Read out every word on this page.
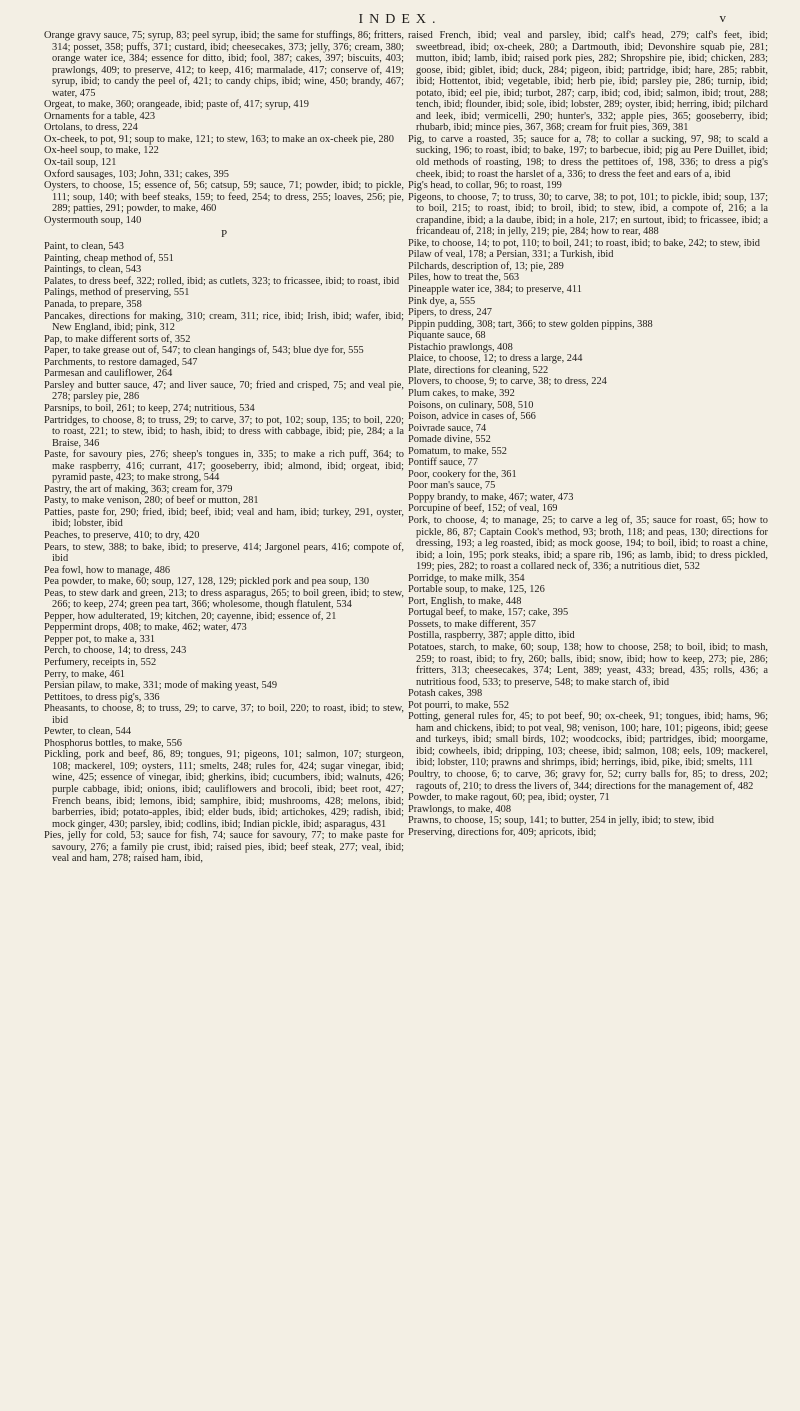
INDEX.	v

Orange gravy sauce, 75; syrup, 83; peel syrup, ibid; the same for stuffings, 86; fritters, 314; posset, 358; puffs, 371; custard, ibid; cheesecakes, 373; jelly, 376; cream, 380; orange water ice, 384; essence for ditto, ibid; fool, 387; cakes, 397; biscuits, 403; prawlongs, 409; to preserve, 412; to keep, 416; marmalade, 417; conserve of, 419; syrup, ibid; to candy the peel of, 421; to candy chips, ibid; wine, 450; brandy, 467; water, 475

Orgeat, to make, 360; orangeade, ibid; paste of, 417; syrup, 419

Ornaments for a table, 423

Ortolans, to dress, 224

Ox-cheek, to pot, 91; soup to make, 121; to stew, 163; to make an ox-cheek pie, 280

Ox-heel soup, to make, 122

Ox-tail soup, 121

Oxford sausages, 103; John, 331; cakes, 395

Oysters, to choose, 15; essence of, 56; catsup, 59; sauce, 71; powder, ibid; to pickle, 111; soup, 140; with beef steaks, 159; to feed, 254; to dress, 255; loaves, 256; pie, 289; patties, 291; powder, to make, 460

Oystermouth soup, 140

P

Paint, to clean, 543

Painting, cheap method of, 551

Paintings, to clean, 543

Palates, to dress beef, 322; rolled, ibid; as cutlets, 323; to fricassee, ibid; to roast, ibid

Palings, method of preserving, 551

Panada, to prepare, 358

Pancakes, directions for making, 310; cream, 311; rice, ibid; Irish, ibid; wafer, ibid; New England, ibid; pink, 312

Pap, to make different sorts of, 352

Paper, to take grease out of, 547; to clean hangings of, 543; blue dye for, 555

Parchments, to restore damaged, 547

Parmesan and cauliflower, 264

Parsley and butter sauce, 47; and liver sauce, 70; fried and crisped, 75; and veal pie, 278; parsley pie, 286

Parsnips, to boil, 261; to keep, 274; nutritious, 534

Partridges, to choose, 8; to truss, 29; to carve, 37; to pot, 102; soup, 135; to boil, 220; to roast, 221; to stew, ibid; to hash, ibid; to dress with cabbage, ibid; pie, 284; a la Braise, 346

Paste, for savoury pies, 276; sheep's tongues in, 335; to make a rich puff, 364; to make raspberry, 416; currant, 417; gooseberry, ibid; almond, ibid; orgeat, ibid; pyramid paste, 423; to make strong, 544

Pastry, the art of making, 363; cream for, 379

Pasty, to make venison, 280; of beef or mutton, 281

Patties, paste for, 290; fried, ibid; beef, ibid; veal and ham, ibid; turkey, 291, oyster, ibid; lobster, ibid

Peaches, to preserve, 410; to dry, 420

Pears, to stew, 388; to bake, ibid; to preserve, 414; Jargonel pears, 416; compote of, ibid

Pea fowl, how to manage, 486

Pea powder, to make, 60; soup, 127, 128, 129; pickled pork and pea soup, 130

Peas, to stew dark and green, 213; to dress asparagus, 265; to boil green, ibid; to stew, 266; to keep, 274; green pea tart, 366; wholesome, though flatulent, 534

Pepper, how adulterated, 19; kitchen, 20; cayenne, ibid; essence of, 21

Peppermint drops, 408; to make, 462; water, 473

Pepper pot, to make a, 331

Perch, to choose, 14; to dress, 243

Perfumery, receipts in, 552

Perry, to make, 461

Persian pilaw, to make, 331; mode of making yeast, 549

Pettitoes, to dress pig's, 336

Pheasants, to choose, 8; to truss, 29; to carve, 37; to boil, 220; to roast, ibid; to stew, ibid

Pewter, to clean, 544

Phosphorus bottles, to make, 556

Pickling, pork and beef, 86, 89; tongues, 91; pigeons, 101; salmon, 107; sturgeon, 108; mackerel, 109; oysters, 111; smelts, 248; rules for, 424; sugar vinegar, ibid; wine, 425; essence of vinegar, ibid; gherkins, ibid; cucumbers, ibid; walnuts, 426; purple cabbage, ibid; onions, ibid; cauliflowers and brocoli, ibid; beet root, 427; French beans, ibid; lemons, ibid; samphire, ibid; mushrooms, 428; melons, ibid; barberries, ibid; potato-apples, ibid; elder buds, ibid; artichokes, 429; radish, ibid; mock ginger, 430; parsley, ibid; codlins, ibid; Indian pickle, ibid; asparagus, 431

Pies, jelly for cold, 53; sauce for fish, 74; sauce for savoury, 77; to make paste for savoury, 276; a family pie crust, ibid; raised pies, ibid; beef steak, 277; veal, ibid; veal and ham, 278; raised ham, ibid,

raised French, ibid; veal and parsley, ibid; calf's head, 279; calf's feet, ibid; sweetbread, ibid; ox-cheek, 280; a Dartmouth, ibid; Devonshire squab pie, 281; mutton, ibid; lamb, ibid; raised pork pies, 282; Shropshire pie, ibid; chicken, 283; goose, ibid; giblet, ibid; duck, 284; pigeon, ibid; partridge, ibid; hare, 285; rabbit, ibid; Hottentot, ibid; vegetable, ibid; herb pie, ibid; parsley pie, 286; turnip, ibid; potato, ibid; eel pie, ibid; turbot, 287; carp, ibid; cod, ibid; salmon, ibid; trout, 288; tench, ibid; flounder, ibid; sole, ibid; lobster, 289; oyster, ibid; herring, ibid; pilchard and leek, ibid; vermicelli, 290; hunter's, 332; apple pies, 365; gooseberry, ibid; rhubarb, ibid; mince pies, 367, 368; cream for fruit pies, 369, 381

Pig, to carve a roasted, 35; sauce for a, 78; to collar a sucking, 97, 98; to scald a sucking, 196; to roast, ibid; to bake, 197; to barbecue, ibid; pig au Pere Duillet, ibid; old methods of roasting, 198; to dress the pettitoes of, 198, 336; to dress a pig's cheek, ibid; to roast the harslet of a, 336; to dress the feet and ears of a, ibid

Pig's head, to collar, 96; to roast, 199

Pigeons, to choose, 7; to truss, 30; to carve, 38; to pot, 101; to pickle, ibid; soup, 137; to boil, 215; to roast, ibid; to broil, ibid; to stew, ibid, a compote of, 216; a la crapandine, ibid; a la daube, ibid; in a hole, 217; en surtout, ibid; to fricassee, ibid; a fricandeau of, 218; in jelly, 219; pie, 284; how to rear, 488

Pike, to choose, 14; to pot, 110; to boil, 241; to roast, ibid; to bake, 242; to stew, ibid

Pilaw of veal, 178; a Persian, 331; a Turkish, ibid

Pilchards, description of, 13; pie, 289

Piles, how to treat the, 563

Pineapple water ice, 384; to preserve, 411

Pink dye, a, 555

Pipers, to dress, 247

Pippin pudding, 308; tart, 366; to stew golden pippins, 388

Piquante sauce, 68

Pistachio prawlongs, 408

Plaice, to choose, 12; to dress a large, 244

Plate, directions for cleaning, 522

Plovers, to choose, 9; to carve, 38; to dress, 224

Plum cakes, to make, 392

Poisons, on culinary, 508, 510

Poison, advice in cases of, 566

Poivrade sauce, 74

Pomade divine, 552

Pomatum, to make, 552

Pontiff sauce, 77

Poor, cookery for the, 361

Poor man's sauce, 75

Poppy brandy, to make, 467; water, 473

Porcupine of beef, 152; of veal, 169

Pork, to choose, 4; to manage, 25; to carve a leg of, 35; sauce for roast, 65; how to pickle, 86, 87; Captain Cook's method, 93; broth, 118; and peas, 130; directions for dressing, 193; a leg roasted, ibid; as mock goose, 194; to boil, ibid; to roast a chine, ibid; a loin, 195; pork steaks, ibid; a spare rib, 196; as lamb, ibid; to dress pickled, 199; pies, 282; to roast a collared neck of, 336; a nutritious diet, 532

Porridge, to make milk, 354

Portable soup, to make, 125, 126

Port, English, to make, 448

Portugal beef, to make, 157; cake, 395

Possets, to make different, 357

Postilla, raspberry, 387; apple ditto, ibid

Potatoes, starch, to make, 60; soup, 138; how to choose, 258; to boil, ibid; to mash, 259; to roast, ibid; to fry, 260; balls, ibid; snow, ibid; how to keep, 273; pie, 286; fritters, 313; cheesecakes, 374; Lent, 389; yeast, 433; bread, 435; rolls, 436; a nutritious food, 533; to preserve, 548; to make starch of, ibid

Potash cakes, 398

Pot pourri, to make, 552

Potting, general rules for, 45; to pot beef, 90; ox-cheek, 91; tongues, ibid; hams, 96; ham and chickens, ibid; to pot veal, 98; venison, 100; hare, 101; pigeons, ibid; geese and turkeys, ibid; small birds, 102; woodcocks, ibid; partridges, ibid; moorgame, ibid; cowheels, ibid; dripping, 103; cheese, ibid; salmon, 108; eels, 109; mackerel, ibid; lobster, 110; prawns and shrimps, ibid; herrings, ibid, pike, ibid; smelts, 111

Poultry, to choose, 6; to carve, 36; gravy for, 52; curry balls for, 85; to dress, 202; ragouts of, 210; to dress the livers of, 344; directions for the management of, 482

Powder, to make ragout, 60; pea, ibid; oyster, 71

Prawlongs, to make, 408

Prawns, to choose, 15; soup, 141; to butter, 254 in jelly, ibid; to stew, ibid

Preserving, directions for, 409; apricots, ibid;
